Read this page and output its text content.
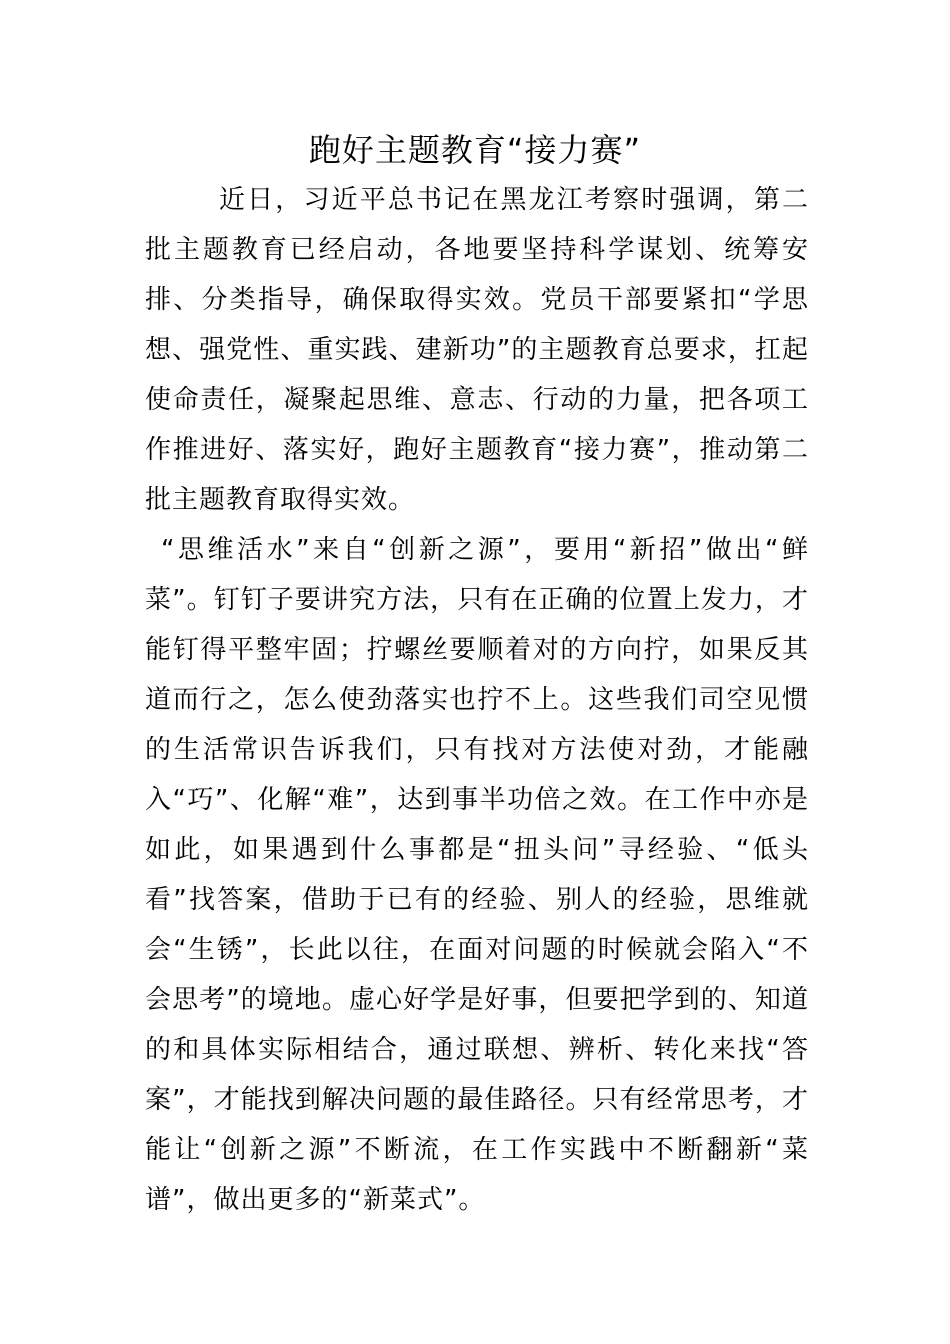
跑好主题教育“接力赛”

近日，习近平总书记在黑龙江考察时强调，第二批主题教育已经启动，各地要坚持科学谋划、统筹安排、分类指导，确保取得实效。党员干部要紧扣“学思想、强党性、重实践、建新功”的主题教育总要求，扛起使命责任，凝聚起思维、意志、行动的力量，把各项工作推进好、落实好，跑好主题教育“接力赛”，推动第二批主题教育取得实效。

“思维活水”来自“创新之源”，要用“新招”做出“鲜菜”。钉钉子要讲究方法，只有在正确的位置上发力，才能钉得平整牢固；拧螺丝要顺着对的方向拧，如果反其道而行之，怎么使劲落实也拧不上。这些我们司空见惯的生活常识告诉我们，只有找对方法使对劲，才能融入“巧”、化解“难”，达到事半功倍之效。在工作中亦是如此，如果遇到什么事都是“扭头问”寻经验、“低头看”找答案，借助于已有的经验、别人的经验，思维就会“生锈”，长此以往，在面对问题的时候就会陷入“不会思考”的境地。虚心好学是好事，但要把学到的、知道的和具体实际相结合，通过联想、辨析、转化来找“答案”，才能找到解决问题的最佳路径。只有经常思考，才能让“创新之源”不断流，在工作实践中不断翻新“菜谱”，做出更多的“新菜式”。
